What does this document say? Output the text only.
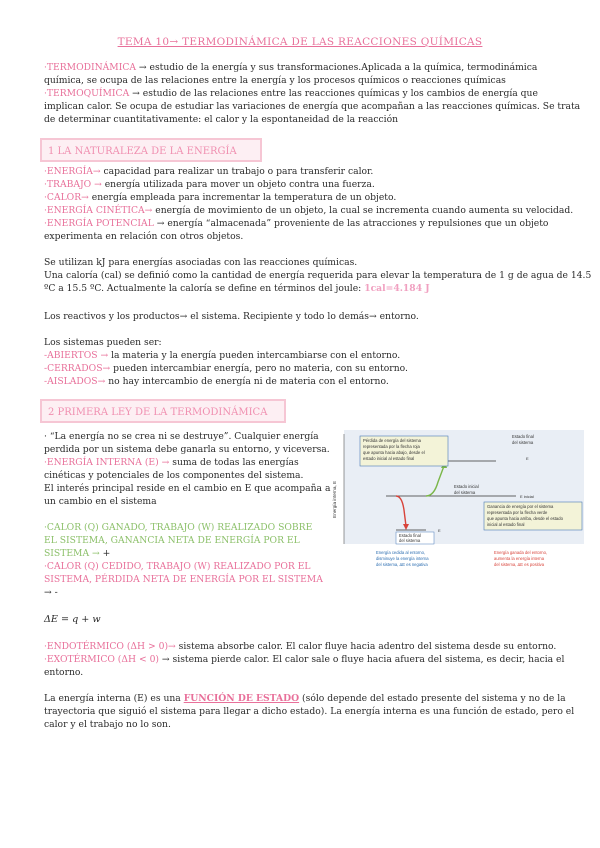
TEMA 10→ TERMODINÁMICA DE LAS REACCIONES QUÍMICAS

·TERMODINÁMICA → estudio de la energía y sus transformaciones.Aplicada a la química, termodinámica

química, se ocupa de las relaciones entre la energía y los procesos químicos o reacciones químicas

·TERMOQUÍMICA → estudio de las relaciones entre las reacciones químicas y los cambios de energía que

implican calor. Se ocupa de estudiar las variaciones de energía que acompañan a las reacciones químicas. Se trata

de determinar cuantitativamente: el calor y la espontaneidad de la reacción

1 LA NATURALEZA DE LA ENERGÍA

·ENERGÍA→ capacidad para realizar un trabajo o para transferir calor.

·TRABAJO → energía utilizada para mover un objeto contra una fuerza.

·CALOR→ energía empleada para incrementar la temperatura de un objeto.

·ENERGÍA CINÉTICA→ energía de movimiento de un objeto, la cual se incrementa cuando aumenta su velocidad.

·ENERGÍA POTENCIAL → energía “almacenada” proveniente de las atracciones y repulsiones que un objeto

experimenta en relación con otros objetos.

Se utilizan kJ para energías asociadas con las reacciones químicas.

Una caloría (cal) se definió como la cantidad de energía requerida para elevar la temperatura de 1 g de agua de 14.5

ºC a 15.5 ºC. Actualmente la caloría se define en términos del joule: 1cal=4.184 J

Los reactivos y los productos→ el sistema. Recipiente y todo lo demás→ entorno.

Los sistemas pueden ser:

-ABIERTOS → la materia y la energía pueden intercambiarse con el entorno.

-CERRADOS→ pueden intercambiar energía, pero no materia, con su entorno.

-AISLADOS→ no hay intercambio de energía ni de materia con el entorno.

2 PRIMERA LEY DE LA TERMODINÁMICA

· “La energía no se crea ni se destruye”. Cualquier energía

perdida por un sistema debe ganarla su entorno, y viceversa.

·ENERGÍA INTERNA (E) → suma de todas las energías

cinéticas y potenciales de los componentes del sistema.

El interés principal reside en el cambio en E que acompaña a

un cambio en el sistema

·CALOR (Q) GANADO, TRABAJO (W) REALIZADO SOBRE

EL SISTEMA, GANANCIA NETA DE ENERGÍA POR EL

SISTEMA → +

·CALOR (Q) CEDIDO, TRABAJO (W) REALIZADO POR EL

SISTEMA, PÉRDIDA NETA DE ENERGÍA POR EL SISTEMA

→ -

ΔE = q + w

·ENDOTÉRMICO (ΔH > 0)→ sistema absorbe calor. El calor fluye hacia adentro del sistema desde su entorno.

·EXOTÉRMICO (ΔH < 0) → sistema pierde calor. El calor sale o fluye hacia afuera del sistema, es decir, hacia el

entorno.

La energía interna (E) es una FUNCIÓN DE ESTADO (sólo depende del estado presente del sistema y no de la

trayectoria que siguió el sistema para llegar a dicho estado). La energía interna es una función de estado, pero el

calor y el trabajo no lo son.

Energía interna, E
Pérdida de energía del sistema
representada por la flecha roja
que apunta hacia abajo, desde el
estado inicial al estado final
Estado final
del sistema
E
Estado inicial
del sistema
E inicial
Estado final
del sistema
E
Ganancia de energía por el sistema
representada por la flecha verde
que apunta hacia arriba, desde el estado
inicial al estado final
Energía cedida al entorno,
disminuye la energía interna
del sistema, ΔE es negativa
Energía ganada del entorno,
aumenta la energía interna
del sistema, ΔE es positiva
